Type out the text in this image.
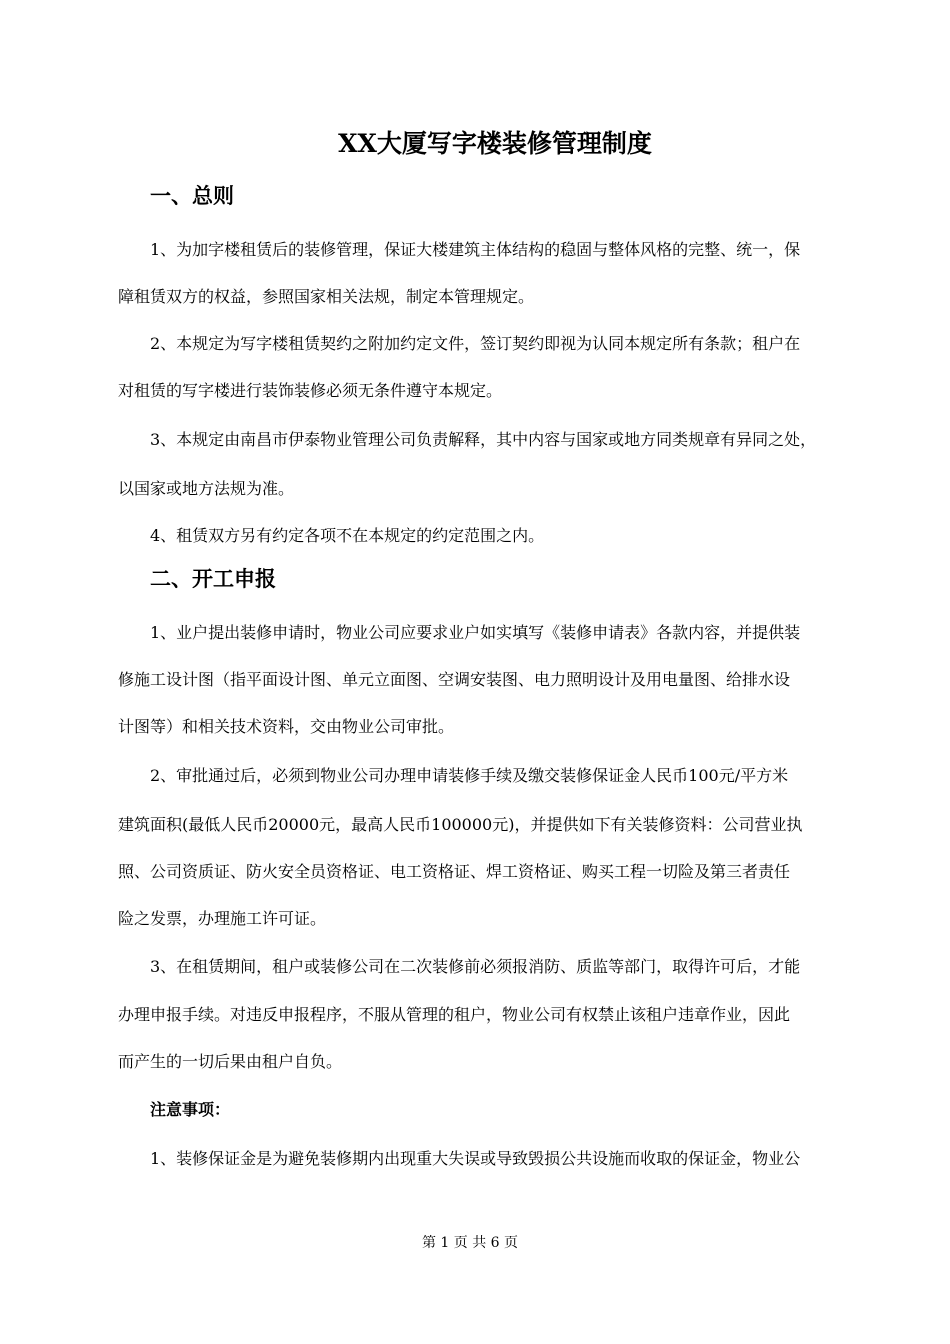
XX大厦写字楼装修管理制度
一、总则
1、为加字楼租赁后的装修管理，保证大楼建筑主体结构的稳固与整体风格的完整、统一，保
障租赁双方的权益，参照国家相关法规，制定本管理规定。
2、本规定为写字楼租赁契约之附加约定文件，签订契约即视为认同本规定所有条款；租户在
对租赁的写字楼进行装饰装修必须无条件遵守本规定。
3、本规定由南昌市伊泰物业管理公司负责解释，其中内容与国家或地方同类规章有异同之处，
以国家或地方法规为准。
4、租赁双方另有约定各项不在本规定的约定范围之内。
二、开工申报
1、业户提出装修申请时，物业公司应要求业户如实填写《装修申请表》各款内容，并提供装
修施工设计图（指平面设计图、单元立面图、空调安装图、电力照明设计及用电量图、给排水设
计图等）和相关技术资料，交由物业公司审批。
2、审批通过后，必须到物业公司办理申请装修手续及缴交装修保证金人民币100元/平方米
建筑面积(最低人民币20000元，最高人民币100000元)，并提供如下有关装修资料：公司营业执
照、公司资质证、防火安全员资格证、电工资格证、焊工资格证、购买工程一切险及第三者责任
险之发票，办理施工许可证。
3、在租赁期间，租户或装修公司在二次装修前必须报消防、质监等部门，取得许可后，才能
办理申报手续。对违反申报程序，不服从管理的租户，物业公司有权禁止该租户违章作业，因此
而产生的一切后果由租户自负。
注意事项：
1、装修保证金是为避免装修期内出现重大失误或导致毁损公共设施而收取的保证金，物业公
第 1 页 共 6 页
